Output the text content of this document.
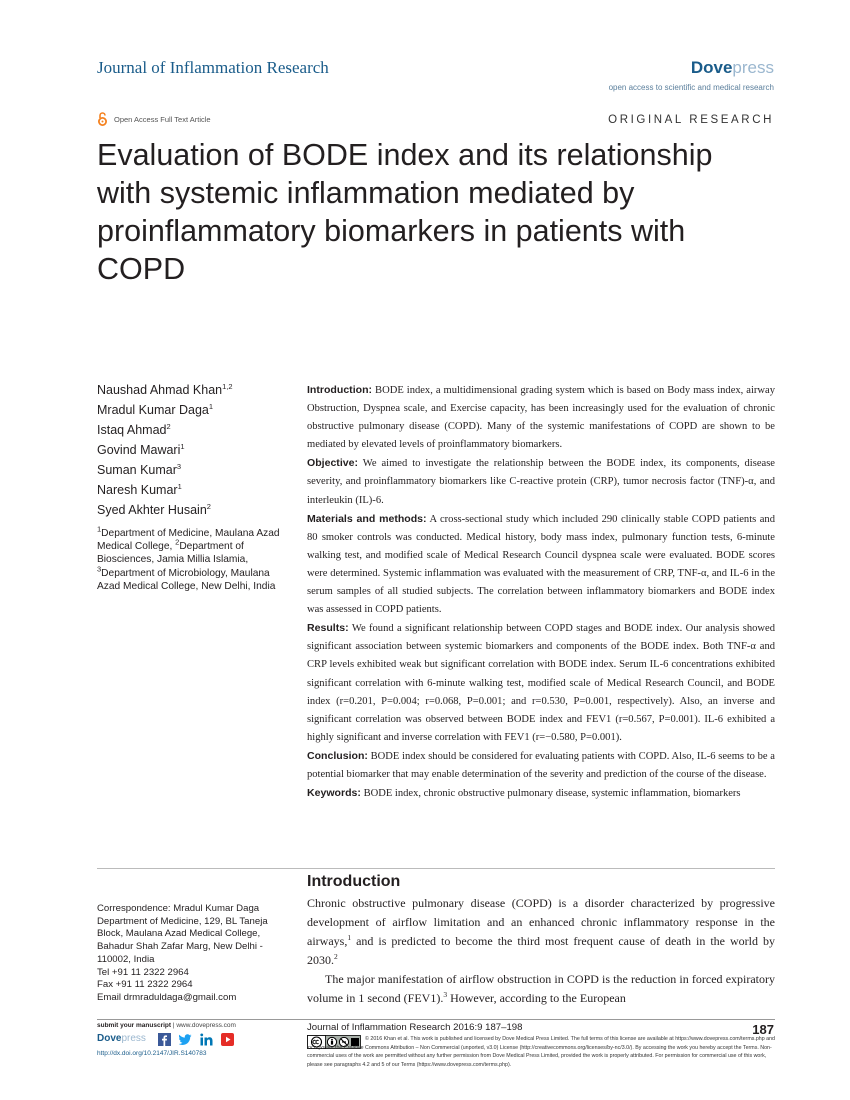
Journal of Inflammation Research	Dovepress
open access to scientific and medical research
Open Access Full Text Article	ORIGINAL RESEARCH
Evaluation of BODE index and its relationship with systemic inflammation mediated by proinflammatory biomarkers in patients with COPD
Naushad Ahmad Khan$^{1,2}$
Mradul Kumar Daga$^1$
Istaq Ahmad$^2$
Govind Mawari$^1$
Suman Kumar$^3$
Naresh Kumar$^1$
Syed Akhter Husain$^2$
$^1$Department of Medicine, Maulana Azad Medical College, $^2$Department of Biosciences, Jamia Millia Islamia, $^3$Department of Microbiology, Maulana Azad Medical College, New Delhi, India

Introduction: BODE index, a multidimensional grading system which is based on Body mass index, airway Obstruction, Dyspnea scale, and Exercise capacity, has been increasingly used for the evaluation of chronic obstructive pulmonary disease (COPD). Many of the systemic manifestations of COPD are shown to be mediated by elevated levels of proinflammatory biomarkers.

Objective: We aimed to investigate the relationship between the BODE index, its components, disease severity, and proinflammatory biomarkers like C-reactive protein (CRP), tumor necrosis factor (TNF)-α, and interleukin (IL)-6.

Materials and methods: A cross-sectional study which included 290 clinically stable COPD patients and 80 smoker controls was conducted. Medical history, body mass index, pulmonary function tests, 6-minute walking test, and modified scale of Medical Research Council dyspnea scale were evaluated. BODE scores were determined. Systemic inflammation was evaluated with the measurement of CRP, TNF-α, and IL-6 in the serum samples of all studied subjects. The correlation between inflammatory biomarkers and BODE index was assessed in COPD patients.

Results: We found a significant relationship between COPD stages and BODE index. Our analysis showed significant association between systemic biomarkers and components of the BODE index. Both TNF-α and CRP levels exhibited weak but significant correlation with BODE index. Serum IL-6 concentrations exhibited significant correlation with 6-minute walking test, modified scale of Medical Research Council, and BODE index (r=0.201, P=0.004; r=0.068, P=0.001; and r=0.530, P=0.001, respectively). Also, an inverse and significant correlation was observed between BODE index and FEV1 (r=0.567, P=0.001). IL-6 exhibited a highly significant and inverse correlation with FEV1 (r=−0.580, P=0.001).

Conclusion: BODE index should be considered for evaluating patients with COPD. Also, IL-6 seems to be a potential biomarker that may enable determination of the severity and prediction of the course of the disease.

Keywords: BODE index, chronic obstructive pulmonary disease, systemic inflammation, biomarkers

Introduction

Chronic obstructive pulmonary disease (COPD) is a disorder characterized by progressive development of airflow limitation and an enhanced chronic inflammatory response in the airways,$^1$ and is predicted to become the third most frequent cause of death in the world by 2030.$^2$

The major manifestation of airflow obstruction in COPD is the reduction in forced expiratory volume in 1 second (FEV1).$^3$ However, according to the European

Correspondence: Mradul Kumar Daga
Department of Medicine, 129, BL Taneja Block, Maulana Azad Medical College, Bahadur Shah Zafar Marg, New Delhi - 110002, India
Tel +91 11 2322 2964
Fax +91 11 2322 2964
Email drmraduldaga@gmail.com
submit your manuscript | www.dovepress.com
Dovepress
http://dx.doi.org/10.2147/JIR.S140783
Journal of Inflammation Research 2016:9 187–198	187
© 2016 Khan et al. This work is published and licensed by Dove Medical Press Limited. The full terms of this license are available at https://www.dovepress.com/terms.php and incorporate the Creative Commons Attribution – Non Commercial (unported, v3.0) License (http://creativecommons.org/licenses/by-nc/3.0/). By accessing the work you hereby accept the Terms. Non-commercial uses of the work are permitted without any further permission from Dove Medical Press Limited, provided the work is properly attributed. For permission for commercial use of this work, please see paragraphs 4.2 and 5 of our Terms (https://www.dovepress.com/terms.php).
